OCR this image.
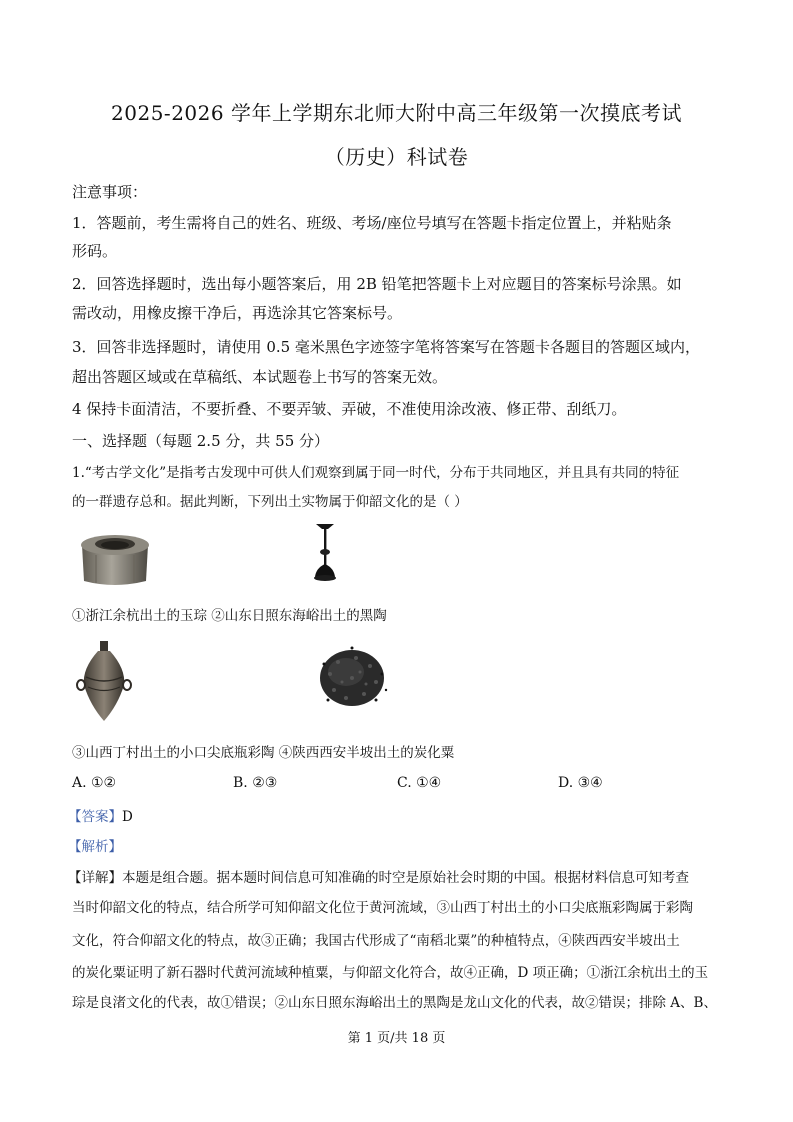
2025-2026 学年上学期东北师大附中高三年级第一次摸底考试
（历史）科试卷
注意事项：
1．答题前，考生需将自己的姓名、班级、考场/座位号填写在答题卡指定位置上，并粘贴条
形码。
2．回答选择题时，选出每小题答案后，用 2B 铅笔把答题卡上对应题目的答案标号涂黑。如
需改动，用橡皮擦干净后，再选涂其它答案标号。
3．回答非选择题时，请使用 0.5 毫米黑色字迹签字笔将答案写在答题卡各题目的答题区域内，
超出答题区域或在草稿纸、本试题卷上书写的答案无效。
4 保持卡面清洁，不要折叠、不要弄皱、弄破，不准使用涂改液、修正带、刮纸刀。
一、选择题（每题 2.5 分，共 55 分）
1.“考古学文化”是指考古发现中可供人们观察到属于同一时代，分布于共同地区，并且具有共同的特征
的一群遗存总和。据此判断，下列出土实物属于仰韶文化的是（ ）
①浙江余杭出土的玉琮 ②山东日照东海峪出土的黑陶
③山西丁村出土的小口尖底瓶彩陶 ④陕西西安半坡出土的炭化粟
A. ①②	B. ②③	C. ①④	D. ③④
【答案】D
【解析】
【详解】本题是组合题。据本题时间信息可知准确的时空是原始社会时期的中国。根据材料信息可知考查
当时仰韶文化的特点，结合所学可知仰韶文化位于黄河流域，③山西丁村出土的小口尖底瓶彩陶属于彩陶
文化，符合仰韶文化的特点，故③正确；我国古代形成了“南稻北粟”的种植特点，④陕西西安半坡出土
的炭化粟证明了新石器时代黄河流域种植粟，与仰韶文化符合，故④正确，D 项正确；①浙江余杭出土的玉
琮是良渚文化的代表，故①错误；②山东日照东海峪出土的黑陶是龙山文化的代表，故②错误；排除 A、B、
第 1 页/共 18 页
